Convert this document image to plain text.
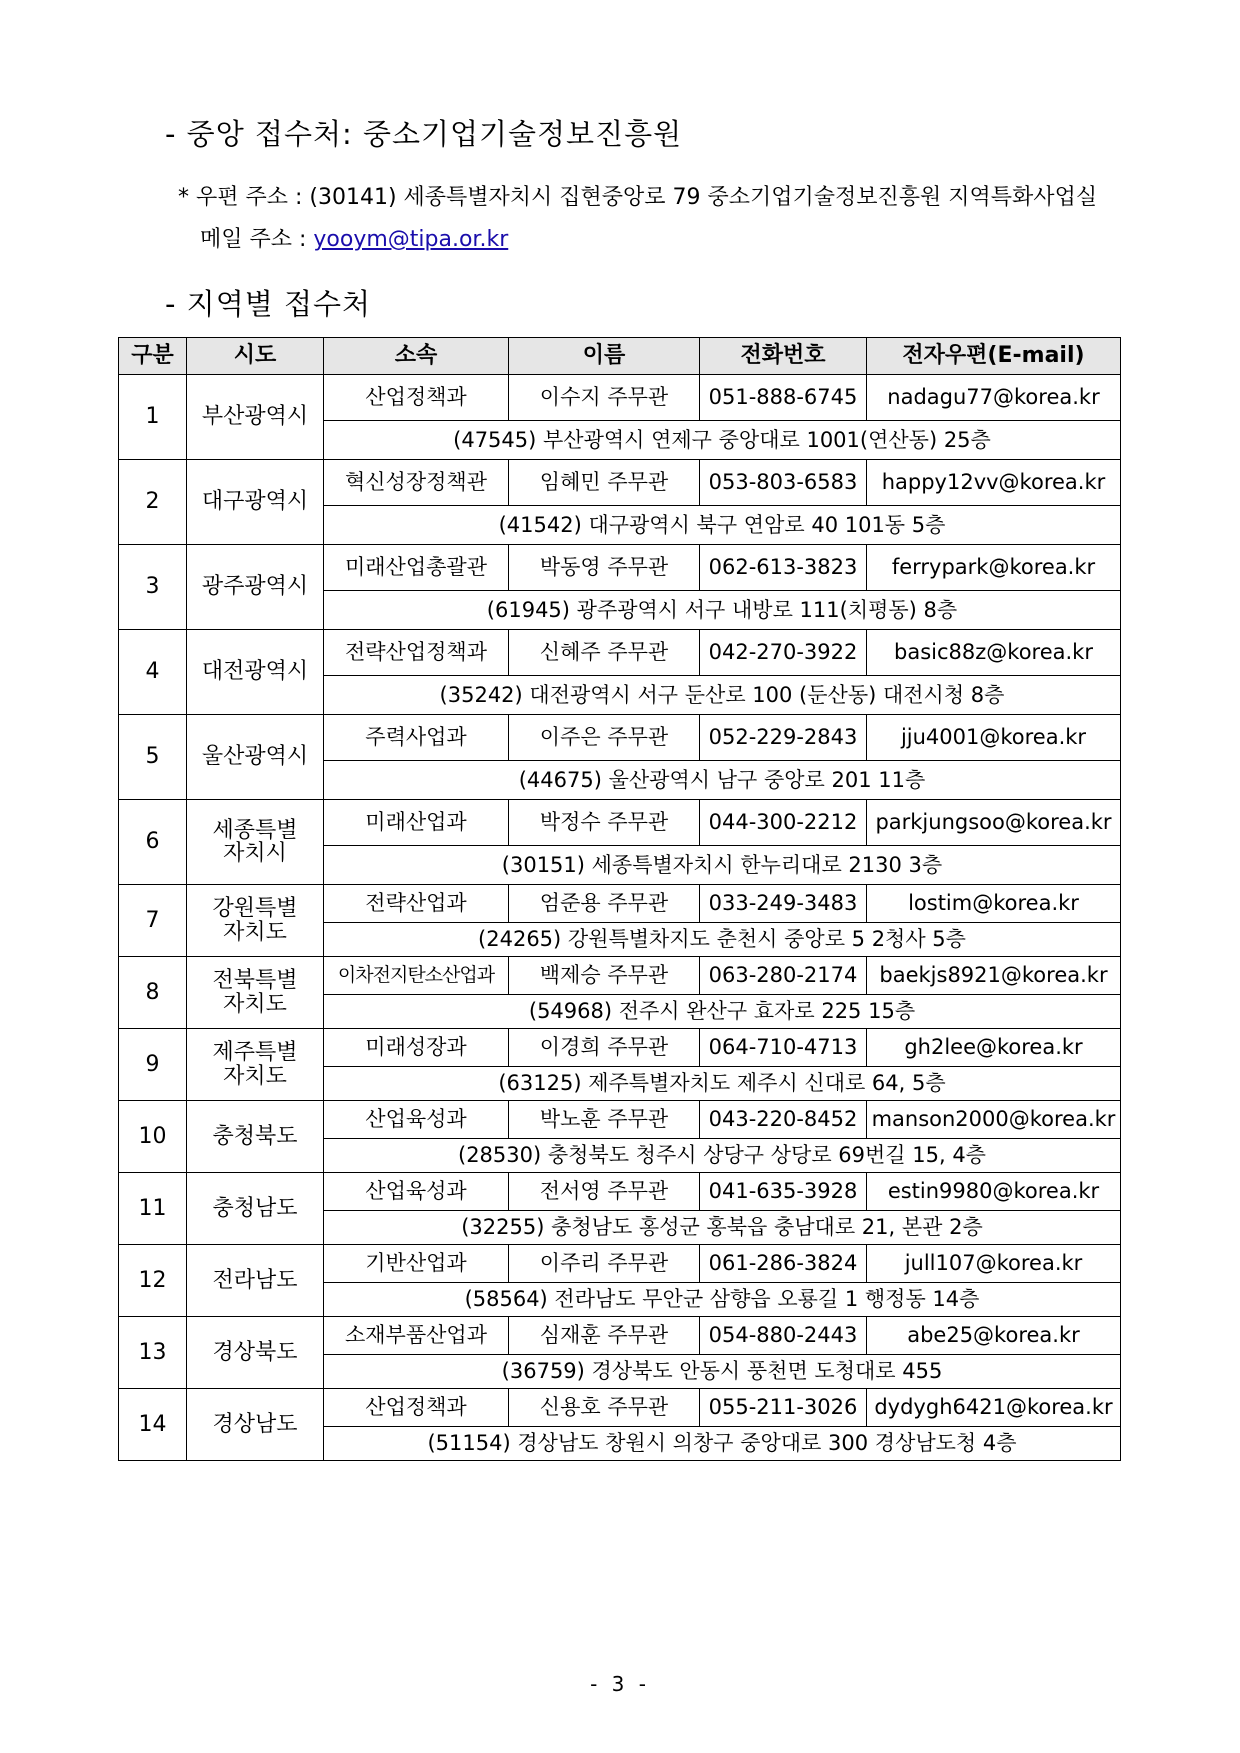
- 중앙 접수처: 중소기업기술정보진흥원
* 우편 주소 : (30141) 세종특별자치시 집현중앙로 79 중소기업기술정보진흥원 지역특화사업실
메일 주소 : yooym@tipa.or.kr
- 지역별 접수처
구분	시도	소속	이름	전화번호	전자우편(E-mail)
1	부산광역시	산업정책과	이수지 주무관	051-888-6745	nadagu77@korea.kr
		(47545) 부산광역시 연제구 중앙대로 1001(연산동) 25층			
2	대구광역시	혁신성장정책관	임혜민 주무관	053-803-6583	happy12vv@korea.kr
		(41542) 대구광역시 북구 연암로 40 101동 5층			
3	광주광역시	미래산업총괄관	박동영 주무관	062-613-3823	ferrypark@korea.kr
		(61945) 광주광역시 서구 내방로 111(치평동) 8층			
4	대전광역시	전략산업정책과	신혜주 주무관	042-270-3922	basic88z@korea.kr
		(35242) 대전광역시 서구 둔산로 100 (둔산동) 대전시청 8층			
5	울산광역시	주력사업과	이주은 주무관	052-229-2843	jju4001@korea.kr
		(44675) 울산광역시 남구 중앙로 201 11층			
6	세종특별
자치시	미래산업과	박정수 주무관	044-300-2212	parkjungsoo@korea.kr
		(30151) 세종특별자치시 한누리대로 2130 3층			
7	강원특별
자치도	전략산업과	엄준용 주무관	033-249-3483	lostim@korea.kr
		(24265) 강원특별차지도 춘천시 중앙로 5 2청사 5층			
8	전북특별
자치도	이차전지탄소산업과	백제승 주무관	063-280-2174	baekjs8921@korea.kr
		(54968) 전주시 완산구 효자로 225 15층			
9	제주특별
자치도	미래성장과	이경희 주무관	064-710-4713	gh2lee@korea.kr
		(63125) 제주특별자치도 제주시 신대로 64, 5층			
10	충청북도	산업육성과	박노훈 주무관	043-220-8452	manson2000@korea.kr
		(28530) 충청북도 청주시 상당구 상당로 69번길 15, 4층			
11	충청남도	산업육성과	전서영 주무관	041-635-3928	estin9980@korea.kr
		(32255) 충청남도 홍성군 홍북읍 충남대로 21, 본관 2층			
12	전라남도	기반산업과	이주리 주무관	061-286-3824	jull107@korea.kr
		(58564) 전라남도 무안군 삼향읍 오룡길 1 행정동 14층			
13	경상북도	소재부품산업과	심재훈 주무관	054-880-2443	abe25@korea.kr
		(36759) 경상북도 안동시 풍천면 도청대로 455			
14	경상남도	산업정책과	신용호 주무관	055-211-3026	dydygh6421@korea.kr
		(51154) 경상남도 창원시 의창구 중앙대로 300 경상남도청 4층			
- 3 -
